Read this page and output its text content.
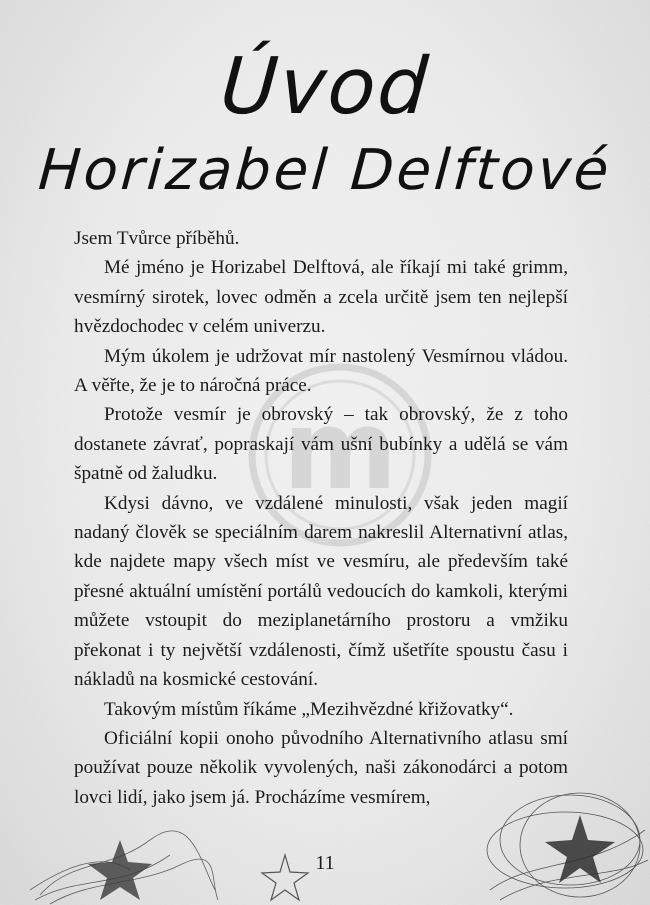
Úvod
Horizabel Delftové
m

Jsem Tvůrce příběhů.

Mé jméno je Horizabel Delftová, ale říkají mi také grimm, vesmírný sirotek, lovec odměn a zcela určitě jsem ten nejlepší hvězdochodec v celém univerzu.

Mým úkolem je udržovat mír nastolený Vesmírnou vládou. A věřte, že je to náročná práce.

Protože vesmír je obrovský – tak obrovský, že z toho dostanete závrať, popraskají vám ušní bubínky a udělá se vám špatně od žaludku.

Kdysi dávno, ve vzdálené minulosti, však jeden magií nadaný člověk se speciálním darem nakreslil Alternativní atlas, kde najdete mapy všech míst ve vesmíru, ale především také přesné aktuální umístění portálů vedoucích do kamkoli, kterými můžete vstoupit do meziplanetárního prostoru a vmžiku překonat i ty největší vzdálenosti, čímž ušetříte spoustu času i nákladů na kosmické cestování.

Takovým místům říkáme „Mezihvězdné křižovatky“.

Oficiální kopii onoho původního Alternativního atlasu smí používat pouze několik vyvolených, naši zákonodárci a potom lovci lidí, jako jsem já. Procházíme vesmírem,

11
